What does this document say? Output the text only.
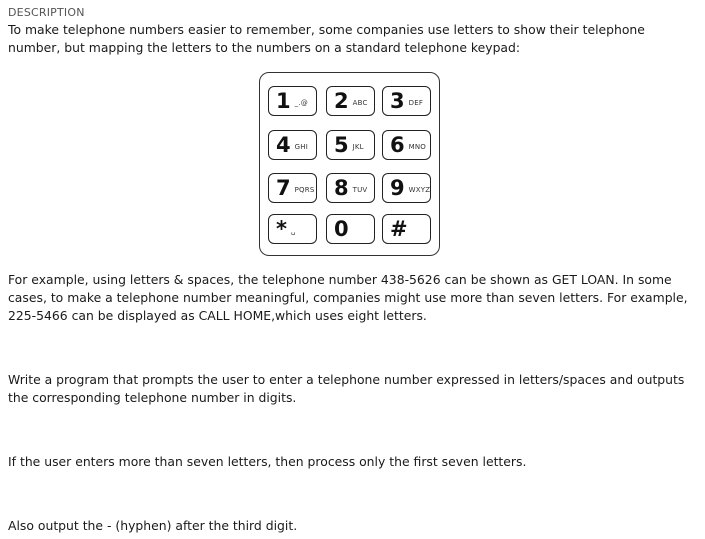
DESCRIPTION

To make telephone numbers easier to remember, some companies use letters to show their telephone number, but mapping the letters to the numbers on a standard telephone keypad:

1 _.@ 2 ABC 3 DEF
4 GHI 5 JKL 6 MNO
7 PQRS 8 TUV 9 WXYZ
* ␣ 0 #

For example, using letters & spaces, the telephone number 438-5626 can be shown as GET LOAN. In some cases, to make a telephone number meaningful, companies might use more than seven letters. For example, 225-5466 can be displayed as CALL HOME,which uses eight letters.

Write a program that prompts the user to enter a telephone number expressed in letters/spaces and outputs the corresponding telephone number in digits.

If the user enters more than seven letters, then process only the first seven letters.

Also output the - (hyphen) after the third digit.
